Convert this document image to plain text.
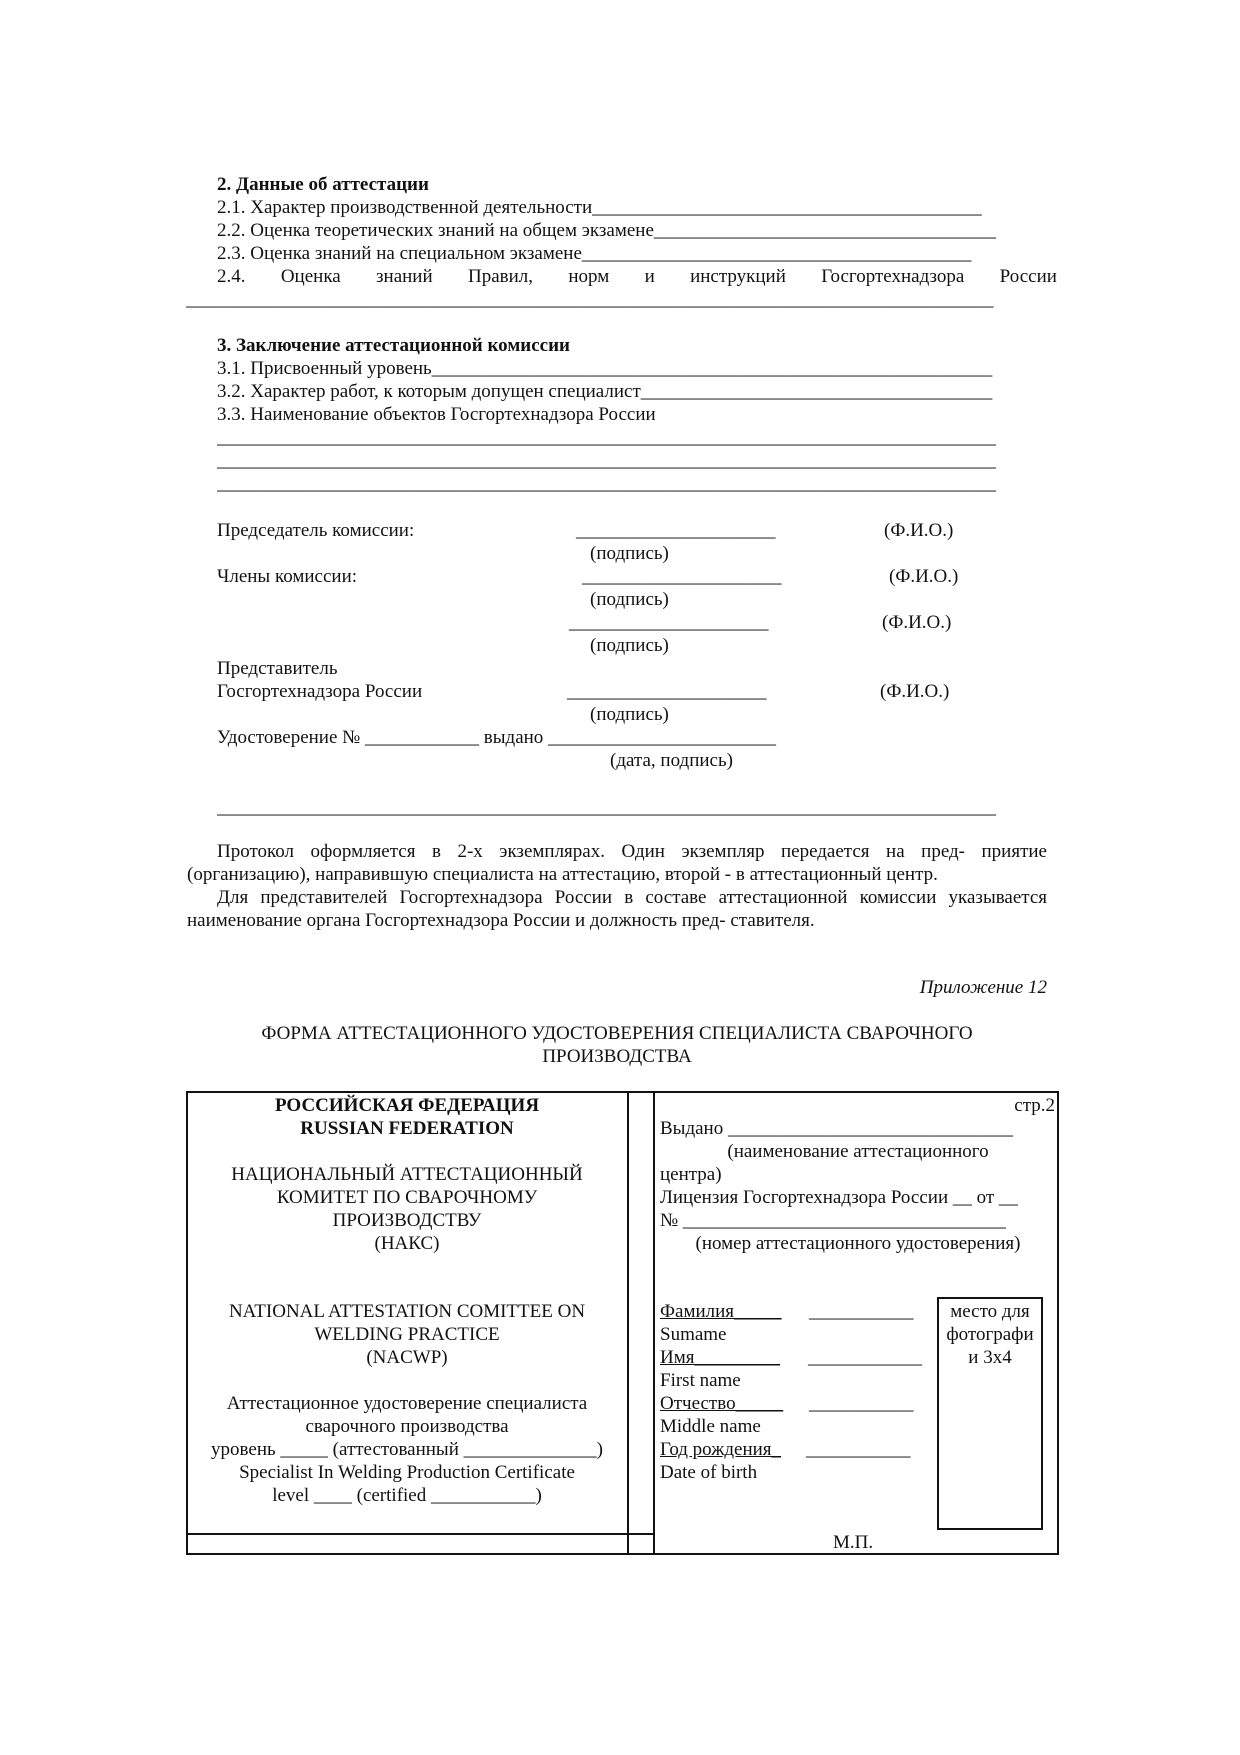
2. Данные об аттестации
2.1. Характер производственной деятельности_________________________________________
2.2. Оценка теоретических знаний на общем экзамене____________________________________
2.3. Оценка знаний на специальном экзамене_________________________________________
2.4. Оценка знаний Правил, норм и инструкций Госгортехнадзора России
_____________________________________________________________________________________
3. Заключение аттестационной комиссии
3.1. Присвоенный уровень___________________________________________________________
3.2. Характер работ, к которым допущен специалист_____________________________________
3.3. Наименование объектов Госгортехнадзора России
__________________________________________________________________________________
__________________________________________________________________________________
__________________________________________________________________________________
Председатель комиссии:	_____________________	(Ф.И.О.)
(подпись)
Члены комиссии:	_____________________	(Ф.И.О.)
(подпись)
_____________________	(Ф.И.О.)
(подпись)
Представитель
Госгортехнадзора России	_____________________	(Ф.И.О.)
(подпись)
Удостоверение № ____________ выдано ________________________
(дата, подпись)
__________________________________________________________________________________
Протокол оформляется в 2-х экземплярах. Один экземпляр передается на пред- приятие (организацию), направившую специалиста на аттестацию, второй - в аттестационный центр.
Для представителей Госгортехнадзора России в составе аттестационной комиссии указывается наименование органа Госгортехнадзора России и должность пред- ставителя.
Приложение 12
ФОРМА АТТЕСТАЦИОННОГО УДОСТОВЕРЕНИЯ СПЕЦИАЛИСТА СВАРОЧНОГО
ПРОИЗВОДСТВА
РОССИЙСКАЯ ФЕДЕРАЦИЯ
RUSSIAN FEDERATION
НАЦИОНАЛЬНЫЙ АТТЕСТАЦИОННЫЙ
КОМИТЕТ ПО СВАРОЧНОМУ
ПРОИЗВОДСТВУ
(НАКС)
NATIONAL ATTESTATION COMITTEE ON
WELDING PRACTICE
(NACWP)
Аттестационное удостоверение специалиста
сварочного производства
уровень _____ (аттестованный ______________)
Specialist In Welding Production Certificate
level ____ (certified ___________)
стр.2
Выдано ______________________________
(наименование аттестационного
центра)
Лицензия Госгортехнадзора России __ от __
№ __________________________________
(номер аттестационного удостоверения)
Фамилия_____ ___________
Sumame
Имя_________ ____________
First name
Отчество_____ ___________
Middle name
Год рождения_ ___________
Date of birth
место для
фотографи
и 3x4
М.П.
